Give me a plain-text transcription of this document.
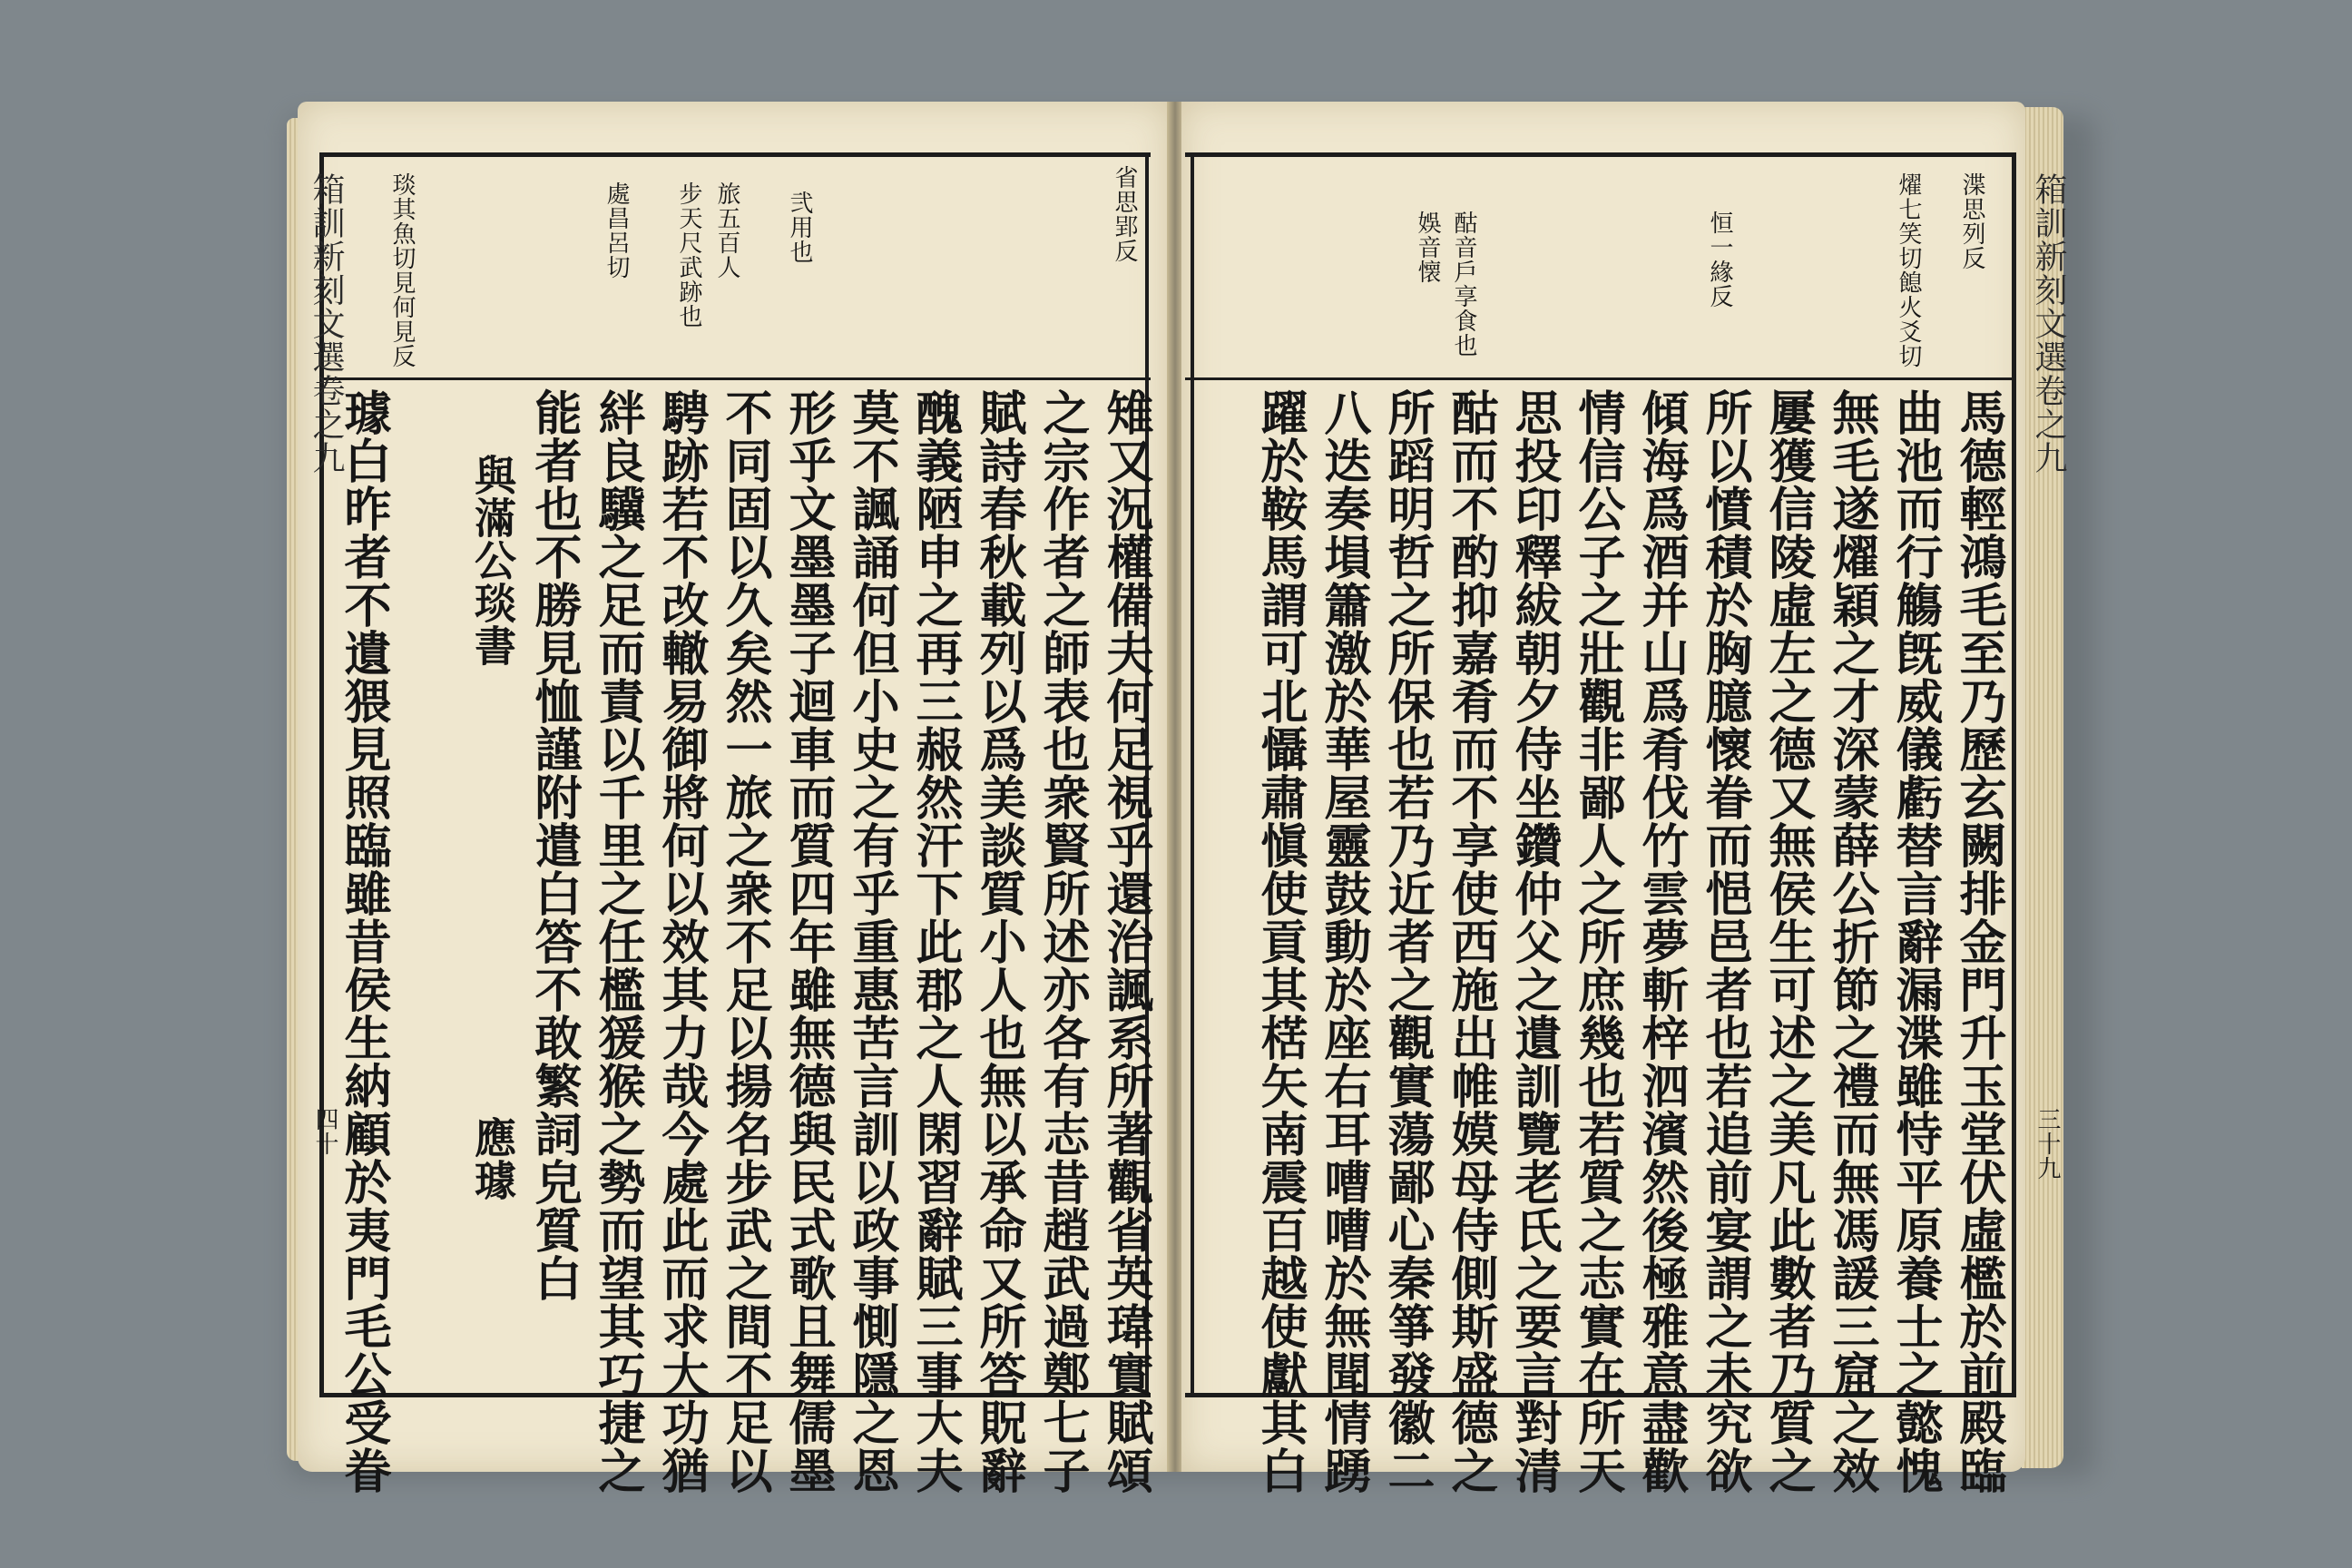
箱訓新刻文選卷之九
四十
省思郢反
弐用也
旅五百人
步天尺武跡也
處昌呂切
琰其魚切見何見反
雉又況權備夫何足視乎還治諷系所著觀省英瑋實賦頌
之宗作者之師表也衆賢所述亦各有志昔趙武過鄭七子
賦詩春秋載列以爲美談質小人也無以承命又所答貺辭
醜義陋申之再三赧然汗下此郡之人閑習辭賦三事大夫
莫不諷誦何但小史之有乎重惠苦言訓以政事惻隱之恩
形乎文墨墨子迴車而質四年雖無德與民式歌且舞儒墨
不同固以久矣然一旅之衆不足以揚名步武之間不足以
騁跡若不改轍易御將何以效其力哉今處此而求大功猶
絆良驥之足而責以千里之任檻猨猴之勢而望其巧捷之
能者也不勝見恤謹附遣白答不敢繁詞皃質白
與滿公琰書
應璩
璩白昨者不遺猥見照臨雖昔侯生納顧於夷門毛公受眷
箱訓新刻文選卷之九
三十九
渫思列反
燿七笑切䭒火爻切
恒一緣反
酤音戶享食也
娛音懐
馬德輕鴻毛至乃歷玄闕排金門升玉堂伏虛檻於前殿臨
曲池而行觴旣威儀虧替言辭漏渫雖恃平原養士之懿愧
無毛遂燿穎之才深蒙薛公折節之禮而無馮諼三窟之效
屢獲信陵虛左之德又無侯生可述之美凡此數者乃質之
所以憤積於胸臆懷眷而悒邑者也若追前宴謂之未究欲
傾海爲酒并山爲肴伐竹雲夢斬梓泗濱然後極雅意盡歡
情信公子之壯觀非鄙人之所庶幾也若質之志實在所天
思投印釋紱朝夕侍坐鑽仲父之遺訓覽老氏之要言對清
酤而不酌抑嘉肴而不享使西施出帷嫫母侍側斯盛德之
所蹈明哲之所保也若乃近者之觀實蕩鄙心秦箏發徽二
八迭奏塤簫激於華屋靈鼓動於座右耳嘈嘈於無聞情踴
躍於鞍馬謂可北懾肅愼使貢其楛矢南震百越使獻其白
